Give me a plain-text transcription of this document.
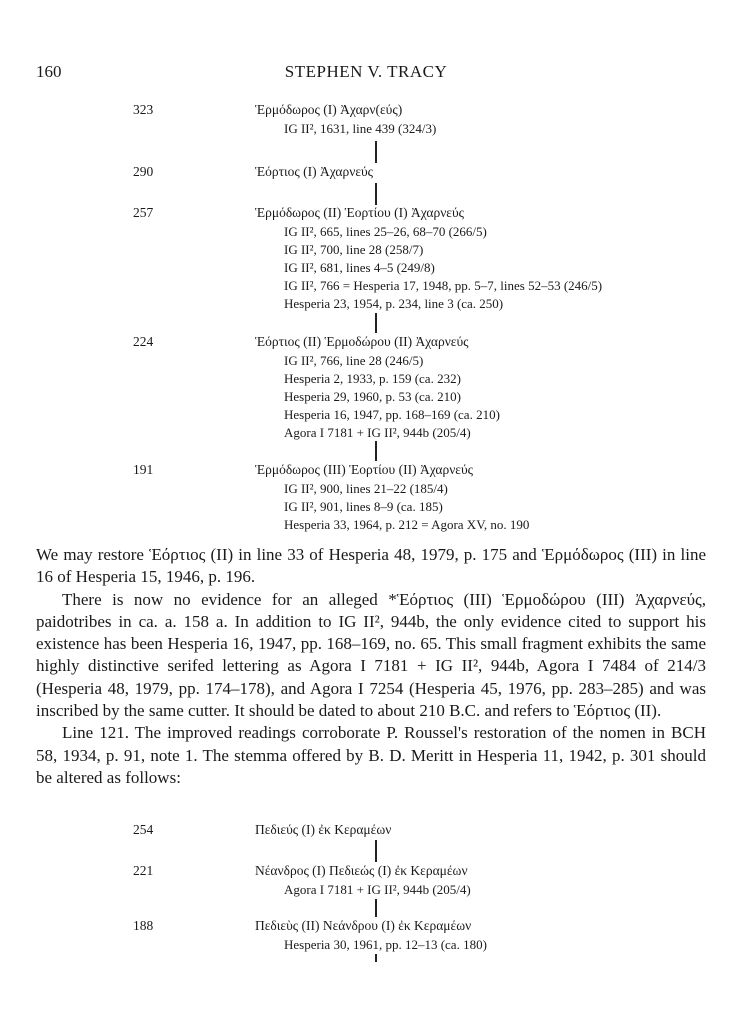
160	STEPHEN V. TRACY
323	Ἑρμόδωρος (I) Ἀχαρν(εύς)
IG II², 1631, line 439 (324/3)
290	Ἑόρτιος (I) Ἀχαρνεύς
257	Ἑρμόδωρος (II) Ἑορτίου (I) Ἀχαρνεύς
IG II², 665, lines 25–26, 68–70 (266/5)
IG II², 700, line 28 (258/7)
IG II², 681, lines 4–5 (249/8)
IG II², 766 = Hesperia 17, 1948, pp. 5–7, lines 52–53 (246/5)
Hesperia 23, 1954, p. 234, line 3 (ca. 250)
224	Ἑόρτιος (II) Ἑρμοδώρου (II) Ἀχαρνεύς
IG II², 766, line 28 (246/5)
Hesperia 2, 1933, p. 159 (ca. 232)
Hesperia 29, 1960, p. 53 (ca. 210)
Hesperia 16, 1947, pp. 168–169 (ca. 210)
Agora I 7181 + IG II², 944b (205/4)
191	Ἑρμόδωρος (III) Ἑορτίου (II) Ἀχαρνεύς
IG II², 900, lines 21–22 (185/4)
IG II², 901, lines 8–9 (ca. 185)
Hesperia 33, 1964, p. 212 = Agora XV, no. 190

We may restore Ἑόρτιος (II) in line 33 of Hesperia 48, 1979, p. 175 and Ἑρμόδωρος (III) in line 16 of Hesperia 15, 1946, p. 196.

There is now no evidence for an alleged *Ἑόρτιος (III) Ἑρμοδώρου (III) Ἀχαρνεύς, paidotribes in ca. a. 158 a. In addition to IG II², 944b, the only evidence cited to support his existence has been Hesperia 16, 1947, pp. 168–169, no. 65. This small fragment exhibits the same highly distinctive serifed lettering as Agora I 7181 + IG II², 944b, Agora I 7484 of 214/3 (Hesperia 48, 1979, pp. 174–178), and Agora I 7254 (Hesperia 45, 1976, pp. 283–285) and was inscribed by the same cutter. It should be dated to about 210 B.C. and refers to Ἑόρτιος (II).

Line 121. The improved readings corroborate P. Roussel's restoration of the nomen in BCH 58, 1934, p. 91, note 1. The stemma offered by B. D. Meritt in Hesperia 11, 1942, p. 301 should be altered as follows:

254	Πεδιεύς (I) ἐκ Κεραμέων
221	Νέανδρος (I) Πεδιεώς (I) ἐκ Κεραμέων
Agora I 7181 + IG II², 944b (205/4)
188	Πεδιεὺς (II) Νεάνδρου (I) ἐκ Κεραμέων
Hesperia 30, 1961, pp. 12–13 (ca. 180)
